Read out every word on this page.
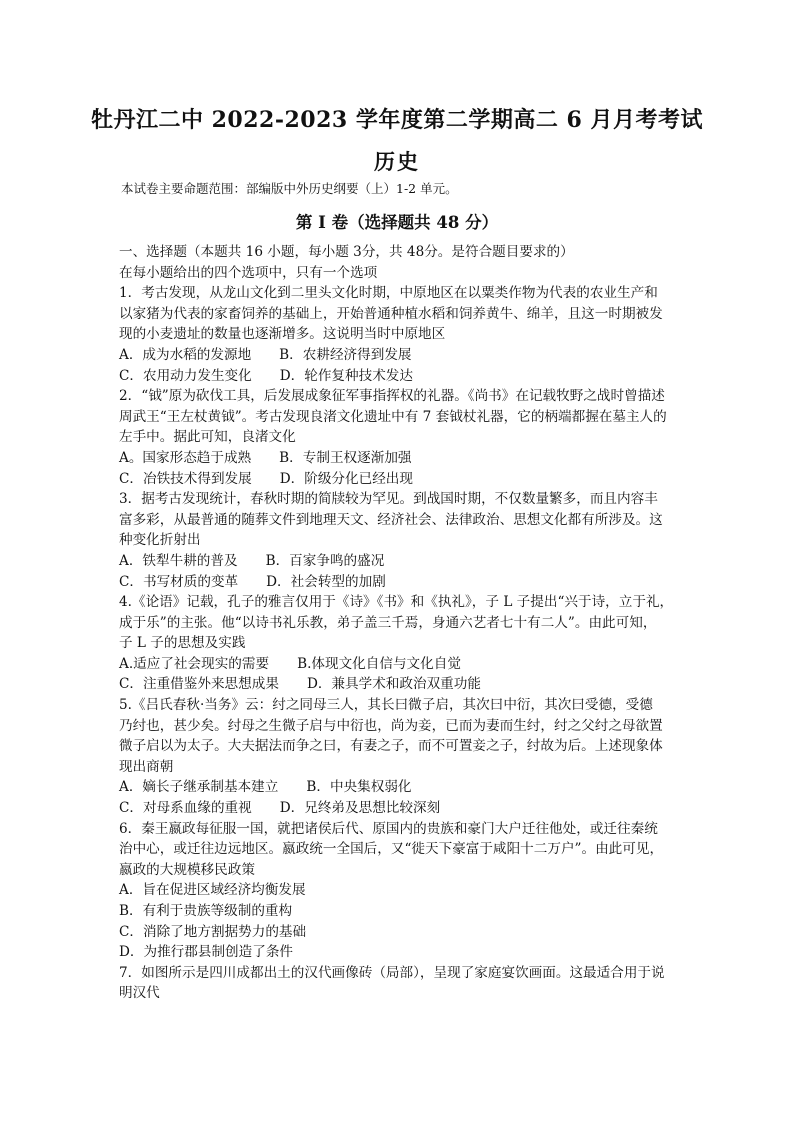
牡丹江二中 2022-2023 学年度第二学期高二 6 月月考考试
历史
本试卷主要命题范围：部编版中外历史纲要（上）1-2 单元。
第 I 卷（选择题共 48 分）
一、选择题（本题共 16 小题，每小题 3分，共 48分。是符合题目要求的）
在每小题给出的四个选项中，只有一个选项
1．考古发现，从龙山文化到二里头文化时期，中原地区在以粟类作物为代表的农业生产和
以家猪为代表的家畜饲养的基础上，开始普通种植水稻和饲养黄牛、绵羊，且这一时期被发
现的小麦遗址的数量也逐渐增多。这说明当时中原地区
A．成为水稻的发源地 B．农耕经济得到发展
C．农用动力发生变化 D．轮作复种技术发达
2．“钺”原为砍伐工具，后发展成象征军事指挥权的礼器。《尚书》在记载牧野之战时曾描述
周武王“王左杖黄钺”。考古发现良渚文化遗址中有 7 套钺杖礼器，它的柄端都握在墓主人的
左手中。据此可知，良渚文化
A。国家形态趋于成熟 B．专制王权逐渐加强
C．冶铁技术得到发展 D．阶级分化已经出现
3．据考古发现统计，春秋时期的简牍较为罕见。到战国时期，不仅数量繁多，而且内容丰
富多彩，从最普通的随葬文件到地理天文、经济社会、法律政治、思想文化都有所涉及。这
种变化折射出
A．铁犁牛耕的普及 B．百家争鸣的盛况
C．书写材质的变革 D．社会转型的加剧
4.《论语》记载，孔子的雅言仅用于《诗》《书》和《执礼》，子 L 子提出“兴于诗，立于礼，
成于乐”的主张。他“以诗书礼乐教，弟子盖三千焉，身通六艺者七十有二人”。由此可知，
子 L 子的思想及实践
A.适应了社会现实的需要 B.体现文化自信与文化自觉
C．注重借鉴外来思想成果 D．兼具学术和政治双重功能
5.《吕氏春秋·当务》云：纣之同母三人，其长曰微子启，其次曰中衍，其次曰受德，受德
乃纣也，甚少矣。纣母之生微子启与中衍也，尚为妾，已而为妻而生纣，纣之父纣之母欲置
微子启以为太子。大夫据法而争之曰，有妻之子，而不可置妾之子，纣故为后。上述现象体
现出商朝
A．嫡长子继承制基本建立 B．中央集权弱化
C．对母系血缘的重视 D．兄终弟及思想比较深刻
6．秦王嬴政每征服一国，就把诸侯后代、原国内的贵族和豪门大户迁往他处，或迁往秦统
治中心，或迁往边远地区。嬴政统一全国后，又“徙天下豪富于咸阳十二万户”。由此可见，
嬴政的大规模移民政策
A．旨在促进区域经济均衡发展
B．有利于贵族等级制的重构
C．消除了地方割据势力的基础
D．为推行郡县制创造了条件
7．如图所示是四川成都出土的汉代画像砖（局部），呈现了家庭宴饮画面。这最适合用于说
明汉代
